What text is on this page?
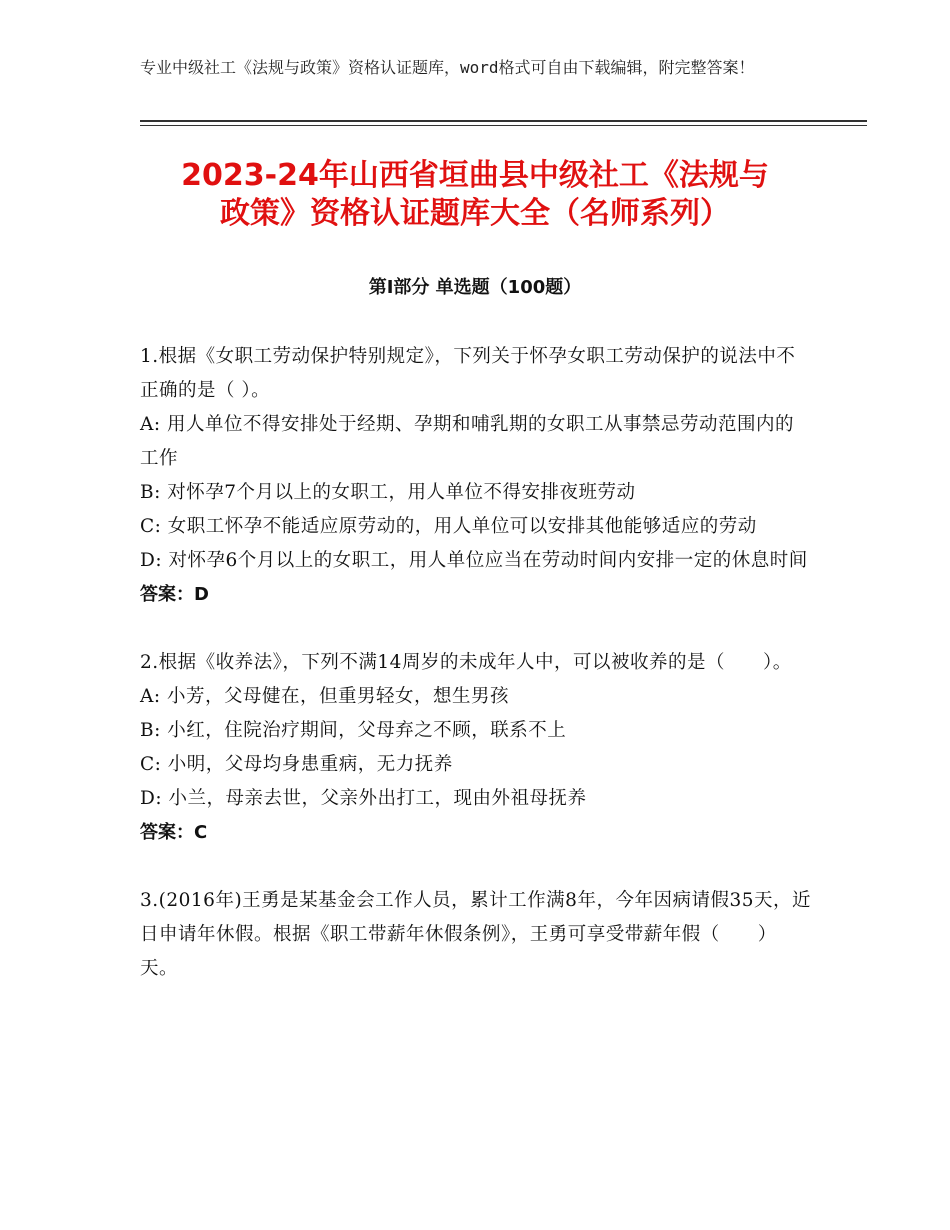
专业中级社工《法规与政策》资格认证题库，word格式可自由下载编辑，附完整答案！
2023-24年山西省垣曲县中级社工《法规与
政策》资格认证题库大全（名师系列）
第Ⅰ部分 单选题（100题）
1.根据《女职工劳动保护特别规定》，下列关于怀孕女职工劳动保护的说法中不正确的是（ ）。
A: 用人单位不得安排处于经期、孕期和哺乳期的女职工从事禁忌劳动范围内的工作
B: 对怀孕7个月以上的女职工，用人单位不得安排夜班劳动
C: 女职工怀孕不能适应原劳动的，用人单位可以安排其他能够适应的劳动
D: 对怀孕6个月以上的女职工，用人单位应当在劳动时间内安排一定的休息时间
答案：D
2.根据《收养法》，下列不满14周岁的未成年人中，可以被收养的是（　　）。
A: 小芳，父母健在，但重男轻女，想生男孩
B: 小红，住院治疗期间，父母弃之不顾，联系不上
C: 小明，父母均身患重病，无力抚养
D: 小兰，母亲去世，父亲外出打工，现由外祖母抚养
答案：C
3.(2016年)王勇是某基金会工作人员，累计工作满8年，今年因病请假35天，近日申请年休假。根据《职工带薪年休假条例》，王勇可享受带薪年假（　　）天。
